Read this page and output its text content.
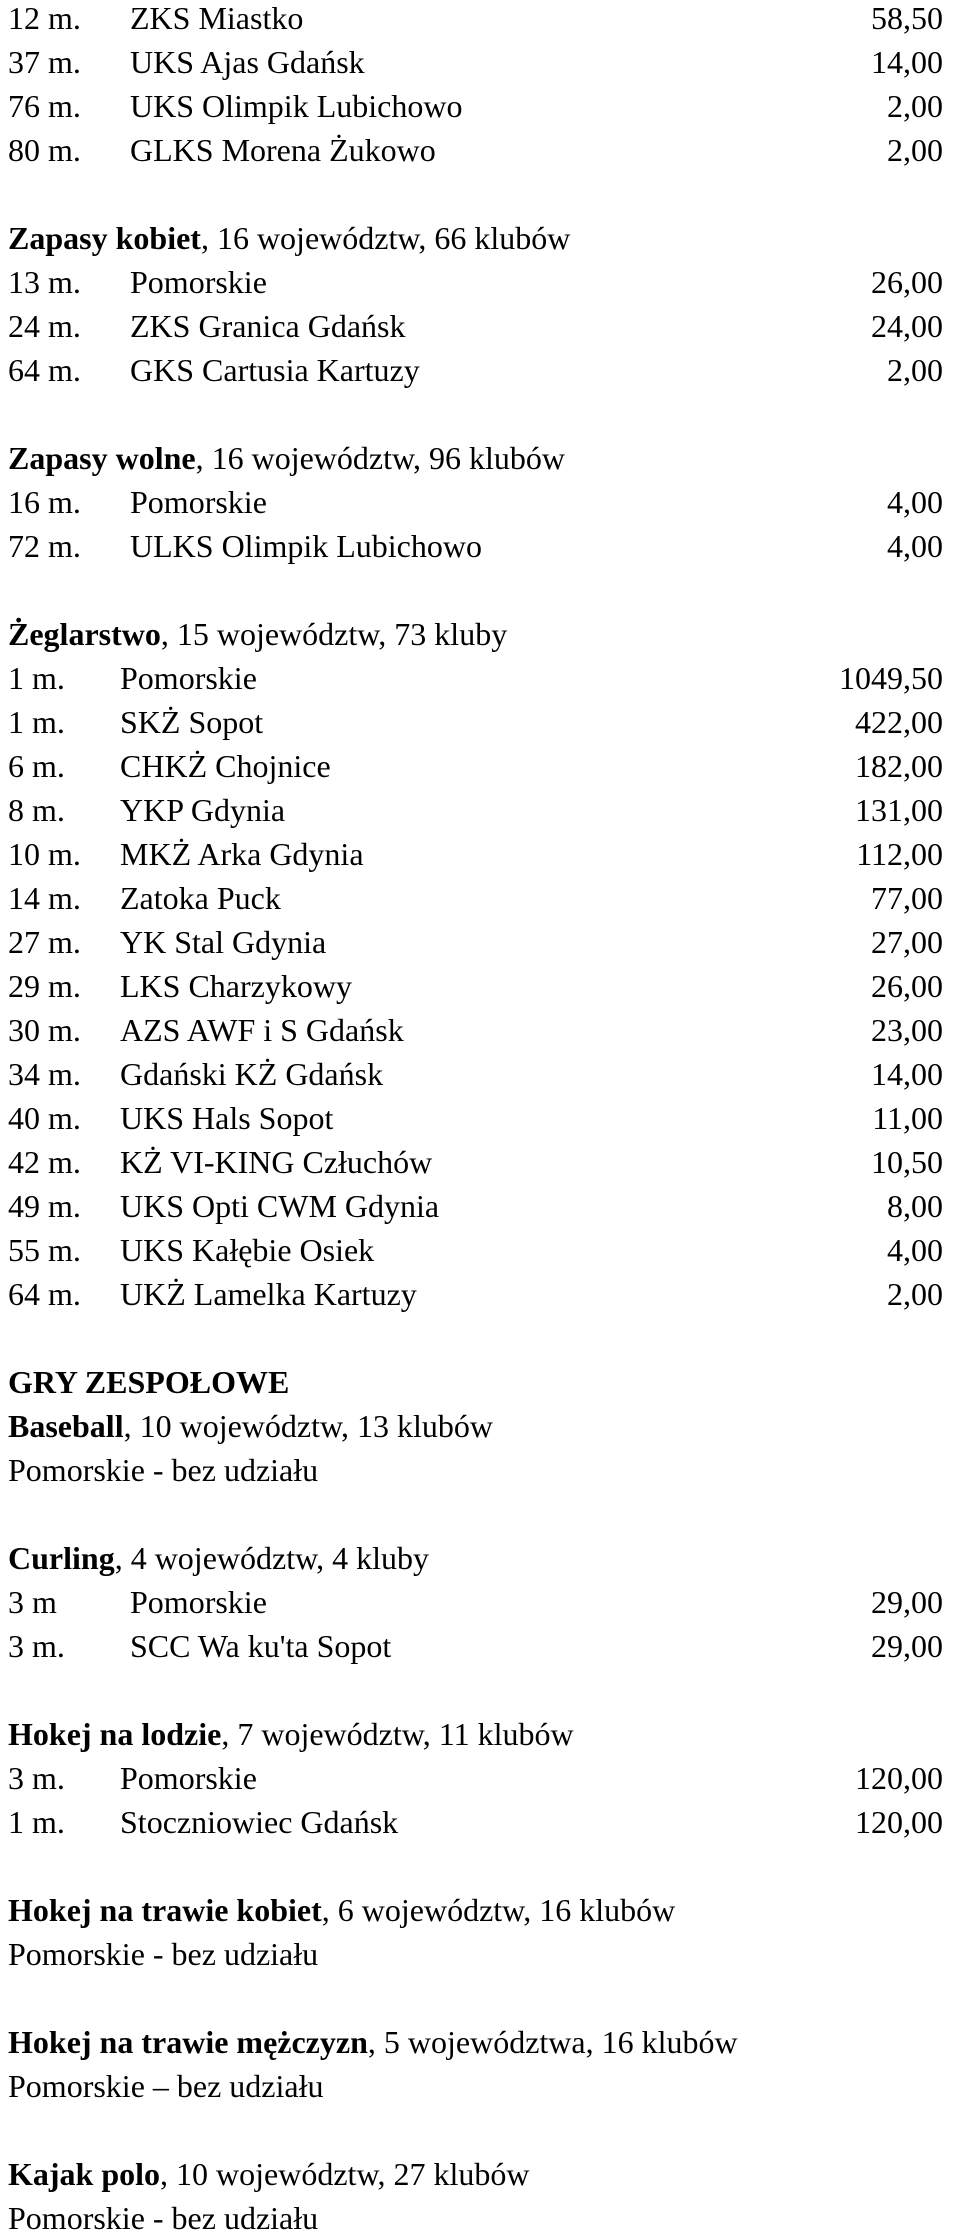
12 m. ZKS Miastko	58,50
37 m. UKS Ajas Gdańsk	14,00
76 m. UKS Olimpik Lubichowo	2,00
80 m. GLKS Morena Żukowo	2,00
Zapasy kobiet, 16 województw, 66 klubów
13 m. Pomorskie	26,00
24 m. ZKS Granica Gdańsk	24,00
64 m. GKS Cartusia Kartuzy	2,00
Zapasy wolne, 16 województw, 96 klubów
16 m. Pomorskie	4,00
72 m. ULKS Olimpik Lubichowo	4,00
Żeglarstwo, 15 województw, 73 kluby
1 m. Pomorskie	1049,50
1 m. SKŻ Sopot	422,00
6 m. CHKŻ Chojnice	182,00
8 m. YKP Gdynia	131,00
10 m. MKŻ Arka Gdynia	112,00
14 m. Zatoka Puck	77,00
27 m. YK Stal Gdynia	27,00
29 m. LKS Charzykowy	26,00
30 m. AZS AWF i S Gdańsk	23,00
34 m. Gdański KŻ Gdańsk	14,00
40 m. UKS Hals Sopot	11,00
42 m. KŻ VI-KING Człuchów	10,50
49 m. UKS Opti CWM Gdynia	8,00
55 m. UKS Kałębie Osiek	4,00
64 m. UKŻ Lamelka Kartuzy	2,00
GRY ZESPOŁOWE
Baseball, 10 województw, 13 klubów
Pomorskie - bez udziału
Curling, 4 województw, 4 kluby
3 m Pomorskie	29,00
3 m. SCC Wa ku'ta Sopot	29,00
Hokej na lodzie, 7 województw, 11 klubów
3 m. Pomorskie	120,00
1 m. Stoczniowiec Gdańsk	120,00
Hokej na trawie kobiet, 6 województw, 16 klubów
Pomorskie - bez udziału
Hokej na trawie mężczyzn, 5 województwa, 16 klubów
Pomorskie – bez udziału
Kajak polo, 10 województw, 27 klubów
Pomorskie - bez udziału
